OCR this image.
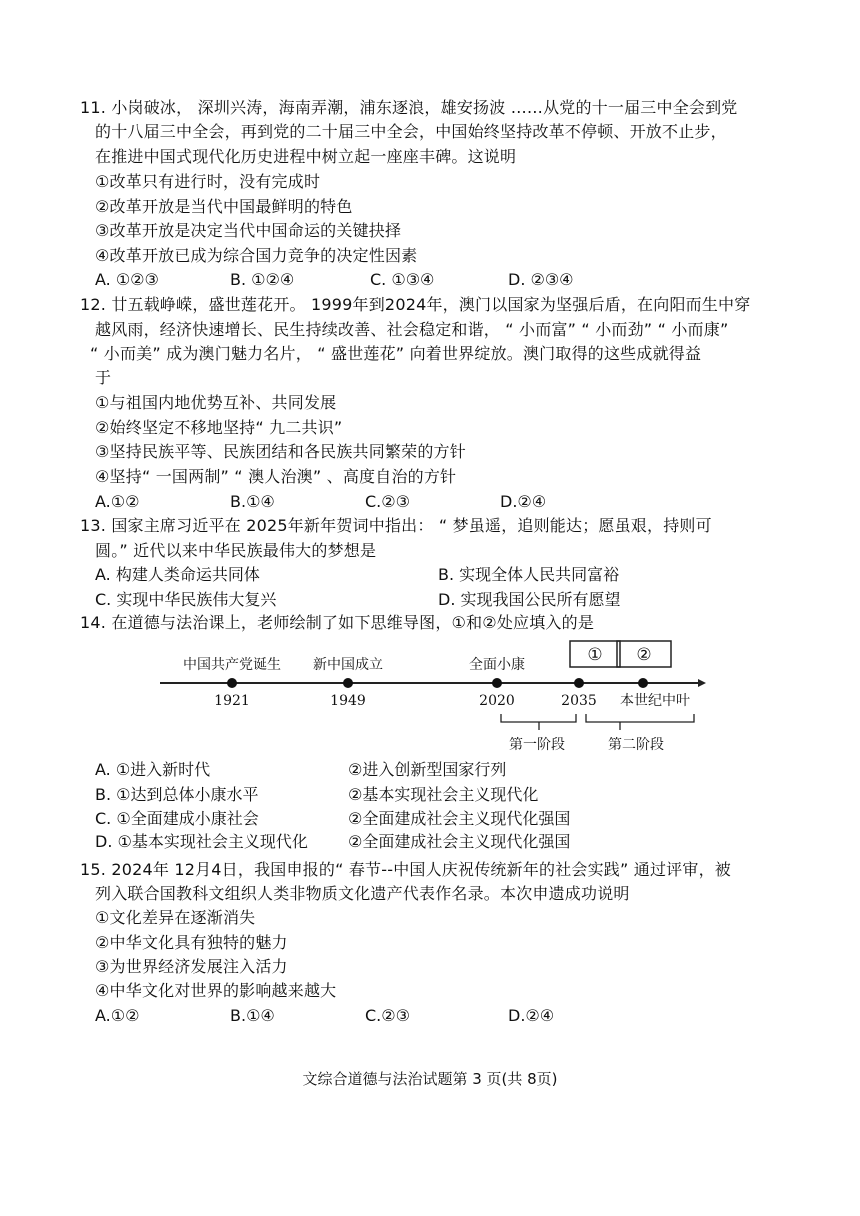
11. 小岗破冰， 深圳兴涛，海南弄潮，浦东逐浪，雄安扬波 ……从党的十一届三中全会到党
的十八届三中全会，再到党的二十届三中全会，中国始终坚持改革不停顿、开放不止步，
在推进中国式现代化历史进程中树立起一座座丰碑。这说明
①改革只有进行时，没有完成时
②改革开放是当代中国最鲜明的特色
③改革开放是决定当代中国命运的关键抉择
④改革开放已成为综合国力竞争的决定性因素
A. ①②③	B. ①②④	C. ①③④	D. ②③④
12. 廿五载峥嵘，盛世莲花开。 1999年到2024年，澳门以国家为坚强后盾，在向阳而生中穿
越风雨，经济快速增长、民生持续改善、社会稳定和谐， “ 小而富” “ 小而劲” “ 小而康”
“ 小而美” 成为澳门魅力名片， “ 盛世莲花” 向着世界绽放。澳门取得的这些成就得益
于
①与祖国内地优势互补、共同发展
②始终坚定不移地坚持“ 九二共识”
③坚持民族平等、民族团结和各民族共同繁荣的方针
④坚持“ 一国两制” “ 澳人治澳” 、高度自治的方针
A.①②	B.①④	C.②③	D.②④
13. 国家主席习近平在 2025年新年贺词中指出： “ 梦虽遥，追则能达；愿虽艰，持则可
圆。” 近代以来中华民族最伟大的梦想是
A. 构建人类命运共同体	B. 实现全体人民共同富裕
C. 实现中华民族伟大复兴	D. 实现我国公民所有愿望
14. 在道德与法治课上，老师绘制了如下思维导图，①和②处应填入的是
中国共产党诞生 新中国成立	全面小康
1921	1949	2020	2035 本世纪中叶
① ②
第一阶段	第二阶段
A. ①进入新时代	②进入创新型国家行列
B. ①达到总体小康水平	②基本实现社会主义现代化
C. ①全面建成小康社会	②全面建成社会主义现代化强国
D. ①基本实现社会主义现代化	②全面建成社会主义现代化强国
15. 2024年 12月4日，我国申报的“ 春节--中国人庆祝传统新年的社会实践” 通过评审，被
列入联合国教科文组织人类非物质文化遗产代表作名录。本次申遗成功说明
①文化差异在逐渐消失
②中华文化具有独特的魅力
③为世界经济发展注入活力
④中华文化对世界的影响越来越大
A.①②	B.①④	C.②③	D.②④
文综合道德与法治试题第 3 页(共 8页)
